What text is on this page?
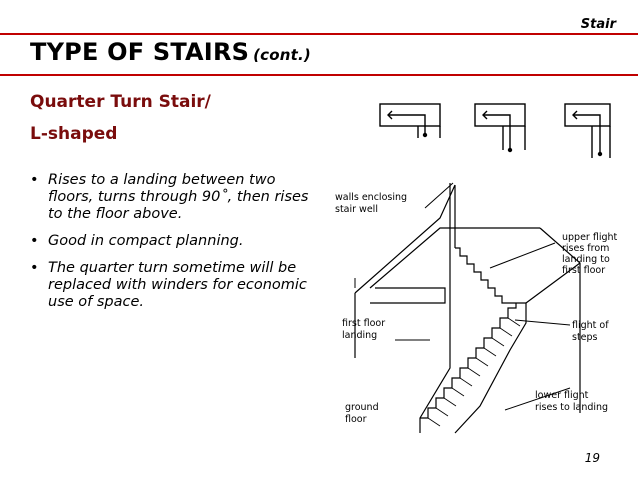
Stair
TYPE OF STAIRS (cont.)
Quarter Turn Stair/
L-shaped
• Rises to a landing between two floors, turns through 90˚, then rises to the floor above.
• Good in compact planning.
• The quarter turn sometime will be replaced with winders for economic use of space.
walls enclosing
stair well
upper flight
rises from
landing to
first floor
first floor
landing
flight of
steps
ground
floor
lower flight
rises to landing
19
